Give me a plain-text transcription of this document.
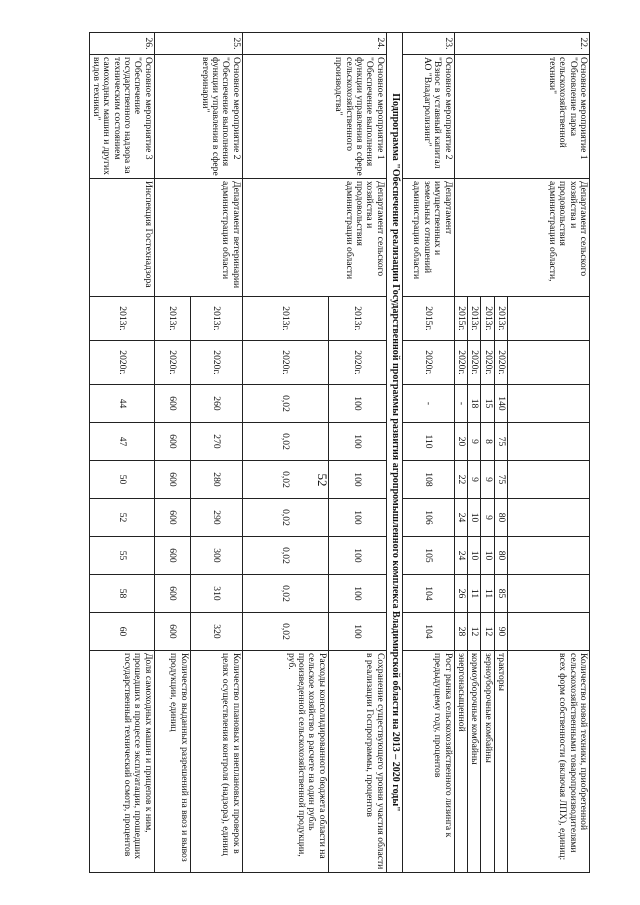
52
22.	Основное мероприятие 1 "Обновление парка сельскохозяйственной техники"	Департамент сельского хозяйства и продовольствия администрации области,										Количество новой техники, приобретенной сельскохозяйственными товаропроизводителями всех форм собственности (включая ЛПХ), единиц:
			2013г.	2020г.	140	75	75	80	80	85	90	тракторы
			2013г.	2020г.	15	8	9	9	10	11	12	зерноуборочные комбайны
			2013г.	2020г.	18	9	9	10	10	11	12	кормоуборочные комбайны
			2015г.	2020г.	-	20	22	24	24	26	28	энергонасыщенной
23.	Основное мероприятие 2 "Взнос в уставный капитал АО "Владагролизинг"	Департамент имущественных и земельных отношений администрации области	2015г.	2020г.	-	110	108	106	105	104	104	Рост рынка сельскохозяйственного лизинга к предыдущему году, процентов
Подпрограмма "Обеспечение реализации Государственной программы развития агропромышленного комплекса Владимирской области на 2013 – 2020 годы"												
24.	Основное мероприятие 1 "Обеспечение выполнения функции управления в сфере сельскохозяйственного производства"	Департамент сельского хозяйства и продовольствия администрации области	2013г.	2020г.	100	100	100	100	100	100	100	Сохранение существующего уровня участия области в реализации Госпрограммы, процентов
			2013г.	2020г.	0,02	0,02	0,02	0,02	0,02	0,02	0,02	Расходы консолидированного бюджета области на сельское хозяйство в расчете на один рубль произведенной сельскохозяйственной продукции, руб.
25.	Основное мероприятие 2 "Обеспечение выполнения функции управления в сфере ветеринарии"	Департамент ветеринарии администрации области	2013г.	2020г.	260	270	280	290	300	310	320	Количество плановых и внеплановых проверок в целях осуществления контроля (надзора), единиц
			2013г.	2020г.	600	600	600	600	600	600	600	Количество выданных разрешений на ввоз и вывоз продукции, единиц
26.	Основное мероприятие 3 "Обеспечение государственного надзора за техническим состоянием самоходных машин и других видов техники"	Инспекция Гостехнадзора	2013г.	2020г.	44	47	50	52	55	58	60	Доля самоходных машин и прицепов к ним, прошедших в процессе эксплуатации, прошедших государственный технический осмотр, процентов
